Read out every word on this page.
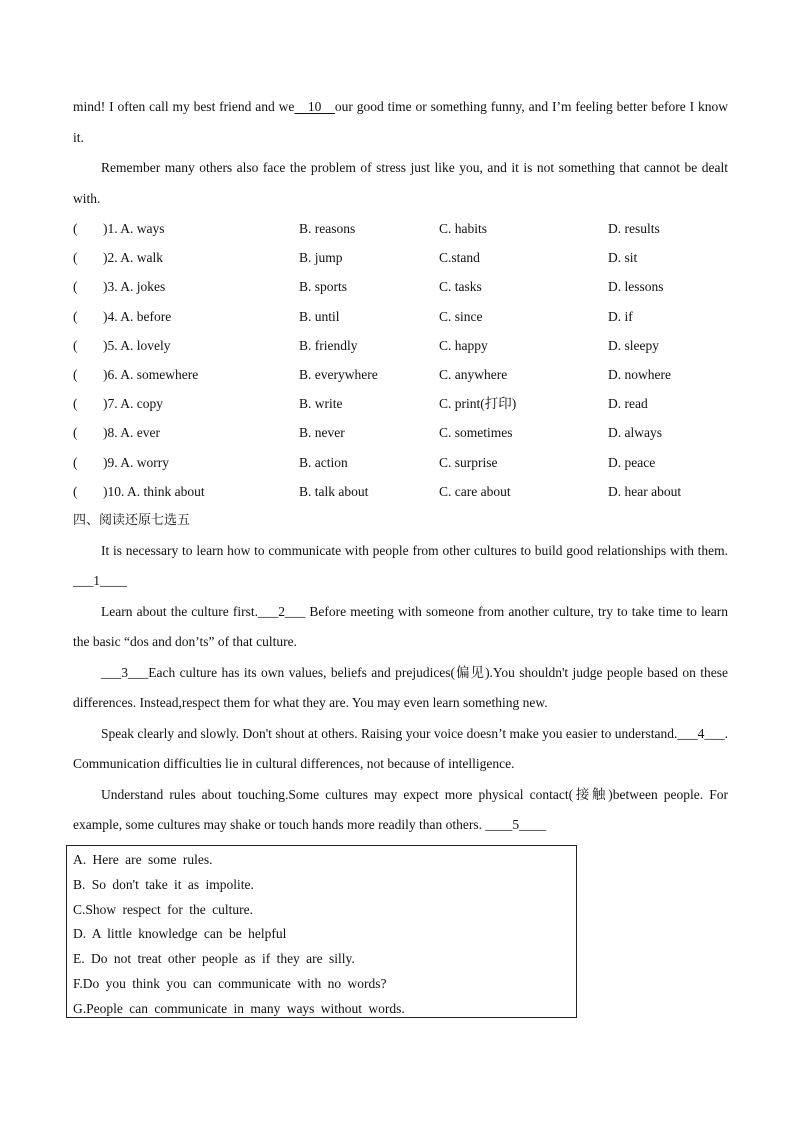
mind! I often call my best friend and we 10 our good time or something funny, and I’m feeling better before I know it.

Remember many others also face the problem of stress just like you, and it is not something that cannot be dealt with.

( )1. A. ways	B. reasons	C. habits	D. results
( )2. A. walk	B. jump	C.stand	D. sit
( )3. A. jokes	B. sports	C. tasks	D. lessons
( )4. A. before	B. until	C. since	D. if
( )5. A. lovely	B. friendly	C. happy	D. sleepy
( )6. A. somewhere	B. everywhere	C. anywhere	D. nowhere
( )7. A. copy	B. write	C. print(打印)	D. read
( )8. A. ever	B. never	C. sometimes	D. always
( )9. A. worry	B. action	C. surprise	D. peace
( )10. A. think about	B. talk about	C. care about	D. hear about

四、阅读还原七选五

It is necessary to learn how to communicate with people from other cultures to build good relationships with them. ___1____

Learn about the culture first.___2___ Before meeting with someone from another culture, try to take time to learn the basic “dos and don’ts” of that culture.

___3___Each culture has its own values, beliefs and prejudices(偏见).You shouldn't judge people based on these differences. Instead,respect them for what they are. You may even learn something new.

Speak clearly and slowly. Don't shout at others. Raising your voice doesn’t make you easier to understand.___4___. Communication difficulties lie in cultural differences, not because of intelligence.

Understand rules about touching.Some cultures may expect more physical contact(接触)between people. For example, some cultures may shake or touch hands more readily than others. ____5____

A. Here are some rules.
B. So don't take it as impolite.
C.Show respect for the culture.
D. A little knowledge can be helpful
E. Do not treat other people as if they are silly.
F.Do you think you can communicate with no words?
G.People can communicate in many ways without words.
